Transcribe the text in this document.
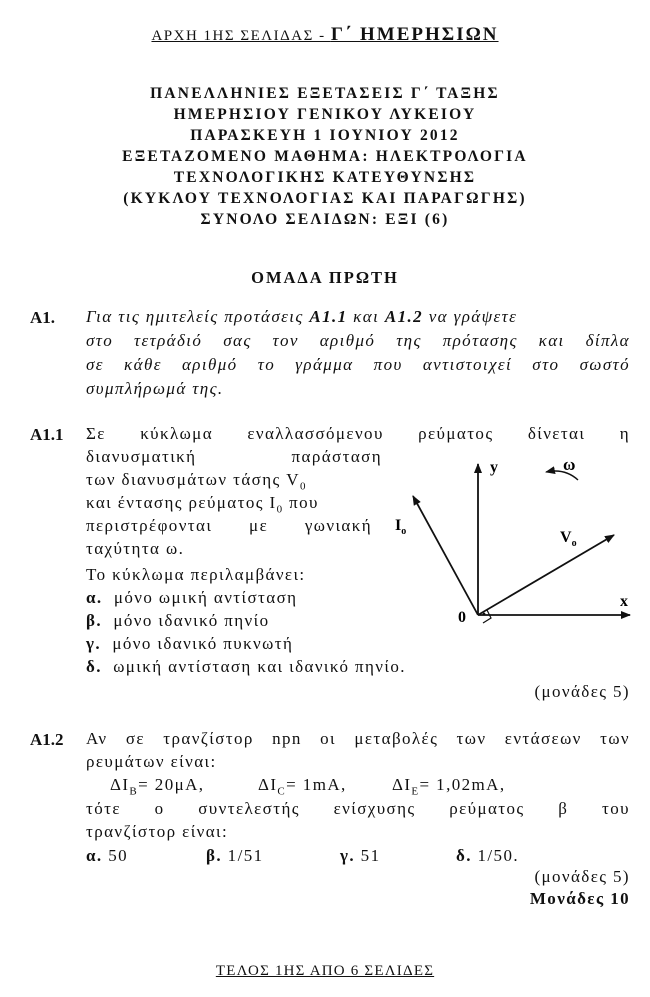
ΑΡΧΗ 1ΗΣ ΣΕΛΙΔΑΣ - Γ΄ ΗΜΕΡΗΣΙΩΝ
ΠΑΝΕΛΛΗΝΙΕΣ ΕΞΕΤΑΣΕΙΣ Γ΄ ΤΑΞΗΣ
ΗΜΕΡΗΣΙΟΥ ΓΕΝΙΚΟΥ ΛΥΚΕΙΟΥ
ΠΑΡΑΣΚΕΥΗ 1 ΙΟΥΝΙΟΥ 2012
ΕΞΕΤΑΖΟΜΕΝΟ ΜΑΘΗΜΑ: ΗΛΕΚΤΡΟΛΟΓΙΑ
ΤΕΧΝΟΛΟΓΙΚΗΣ ΚΑΤΕΥΘΥΝΣΗΣ
(ΚΥΚΛΟΥ ΤΕΧΝΟΛΟΓΙΑΣ ΚΑΙ ΠΑΡΑΓΩΓΗΣ)
ΣΥΝΟΛΟ ΣΕΛΙΔΩΝ: ΕΞΙ (6)
ΟΜΑΔΑ ΠΡΩΤΗ
Α1. Για τις ημιτελείς προτάσεις Α1.1 και Α1.2 να γράψετε
στο τετράδιό σας τον αριθμό της πρότασης και δίπλα
σε κάθε αριθμό το γράμμα που αντιστοιχεί στο σωστό
συμπλήρωμά της.
Α1.1 Σε κύκλωμα εναλλασσόμενου ρεύματος δίνεται η
διανυσματική παράσταση
των διανυσμάτων τάσης $V_0$
και έντασης ρεύματος $I_0$ που
περιστρέφονται με γωνιακή
ταχύτητα ω.
Το κύκλωμα περιλαμβάνει:
α. μόνο ωμική αντίσταση
β. μόνο ιδανικό πηνίο
γ. μόνο ιδανικό πυκνωτή
δ. ωμική αντίσταση και ιδανικό πηνίο.
(μονάδες 5)
y
x
ω
0
$I_o$	$V_o$
Α1.2 Αν σε τρανζίστορ npn οι μεταβολές των εντάσεων των
ρευμάτων είναι:
$\Delta I_B= 20\mu A$,	$\Delta I_C= 1mA$,	$\Delta I_E= 1,02mA$,
τότε ο συντελεστής ενίσχυσης ρεύματος β του
τρανζίστορ είναι:
α. 50	β. 1/51	γ. 51	δ. 1/50.
(μονάδες 5)
Μονάδες 10
ΤΕΛΟΣ 1ΗΣ ΑΠΟ 6 ΣΕΛΙΔΕΣ
